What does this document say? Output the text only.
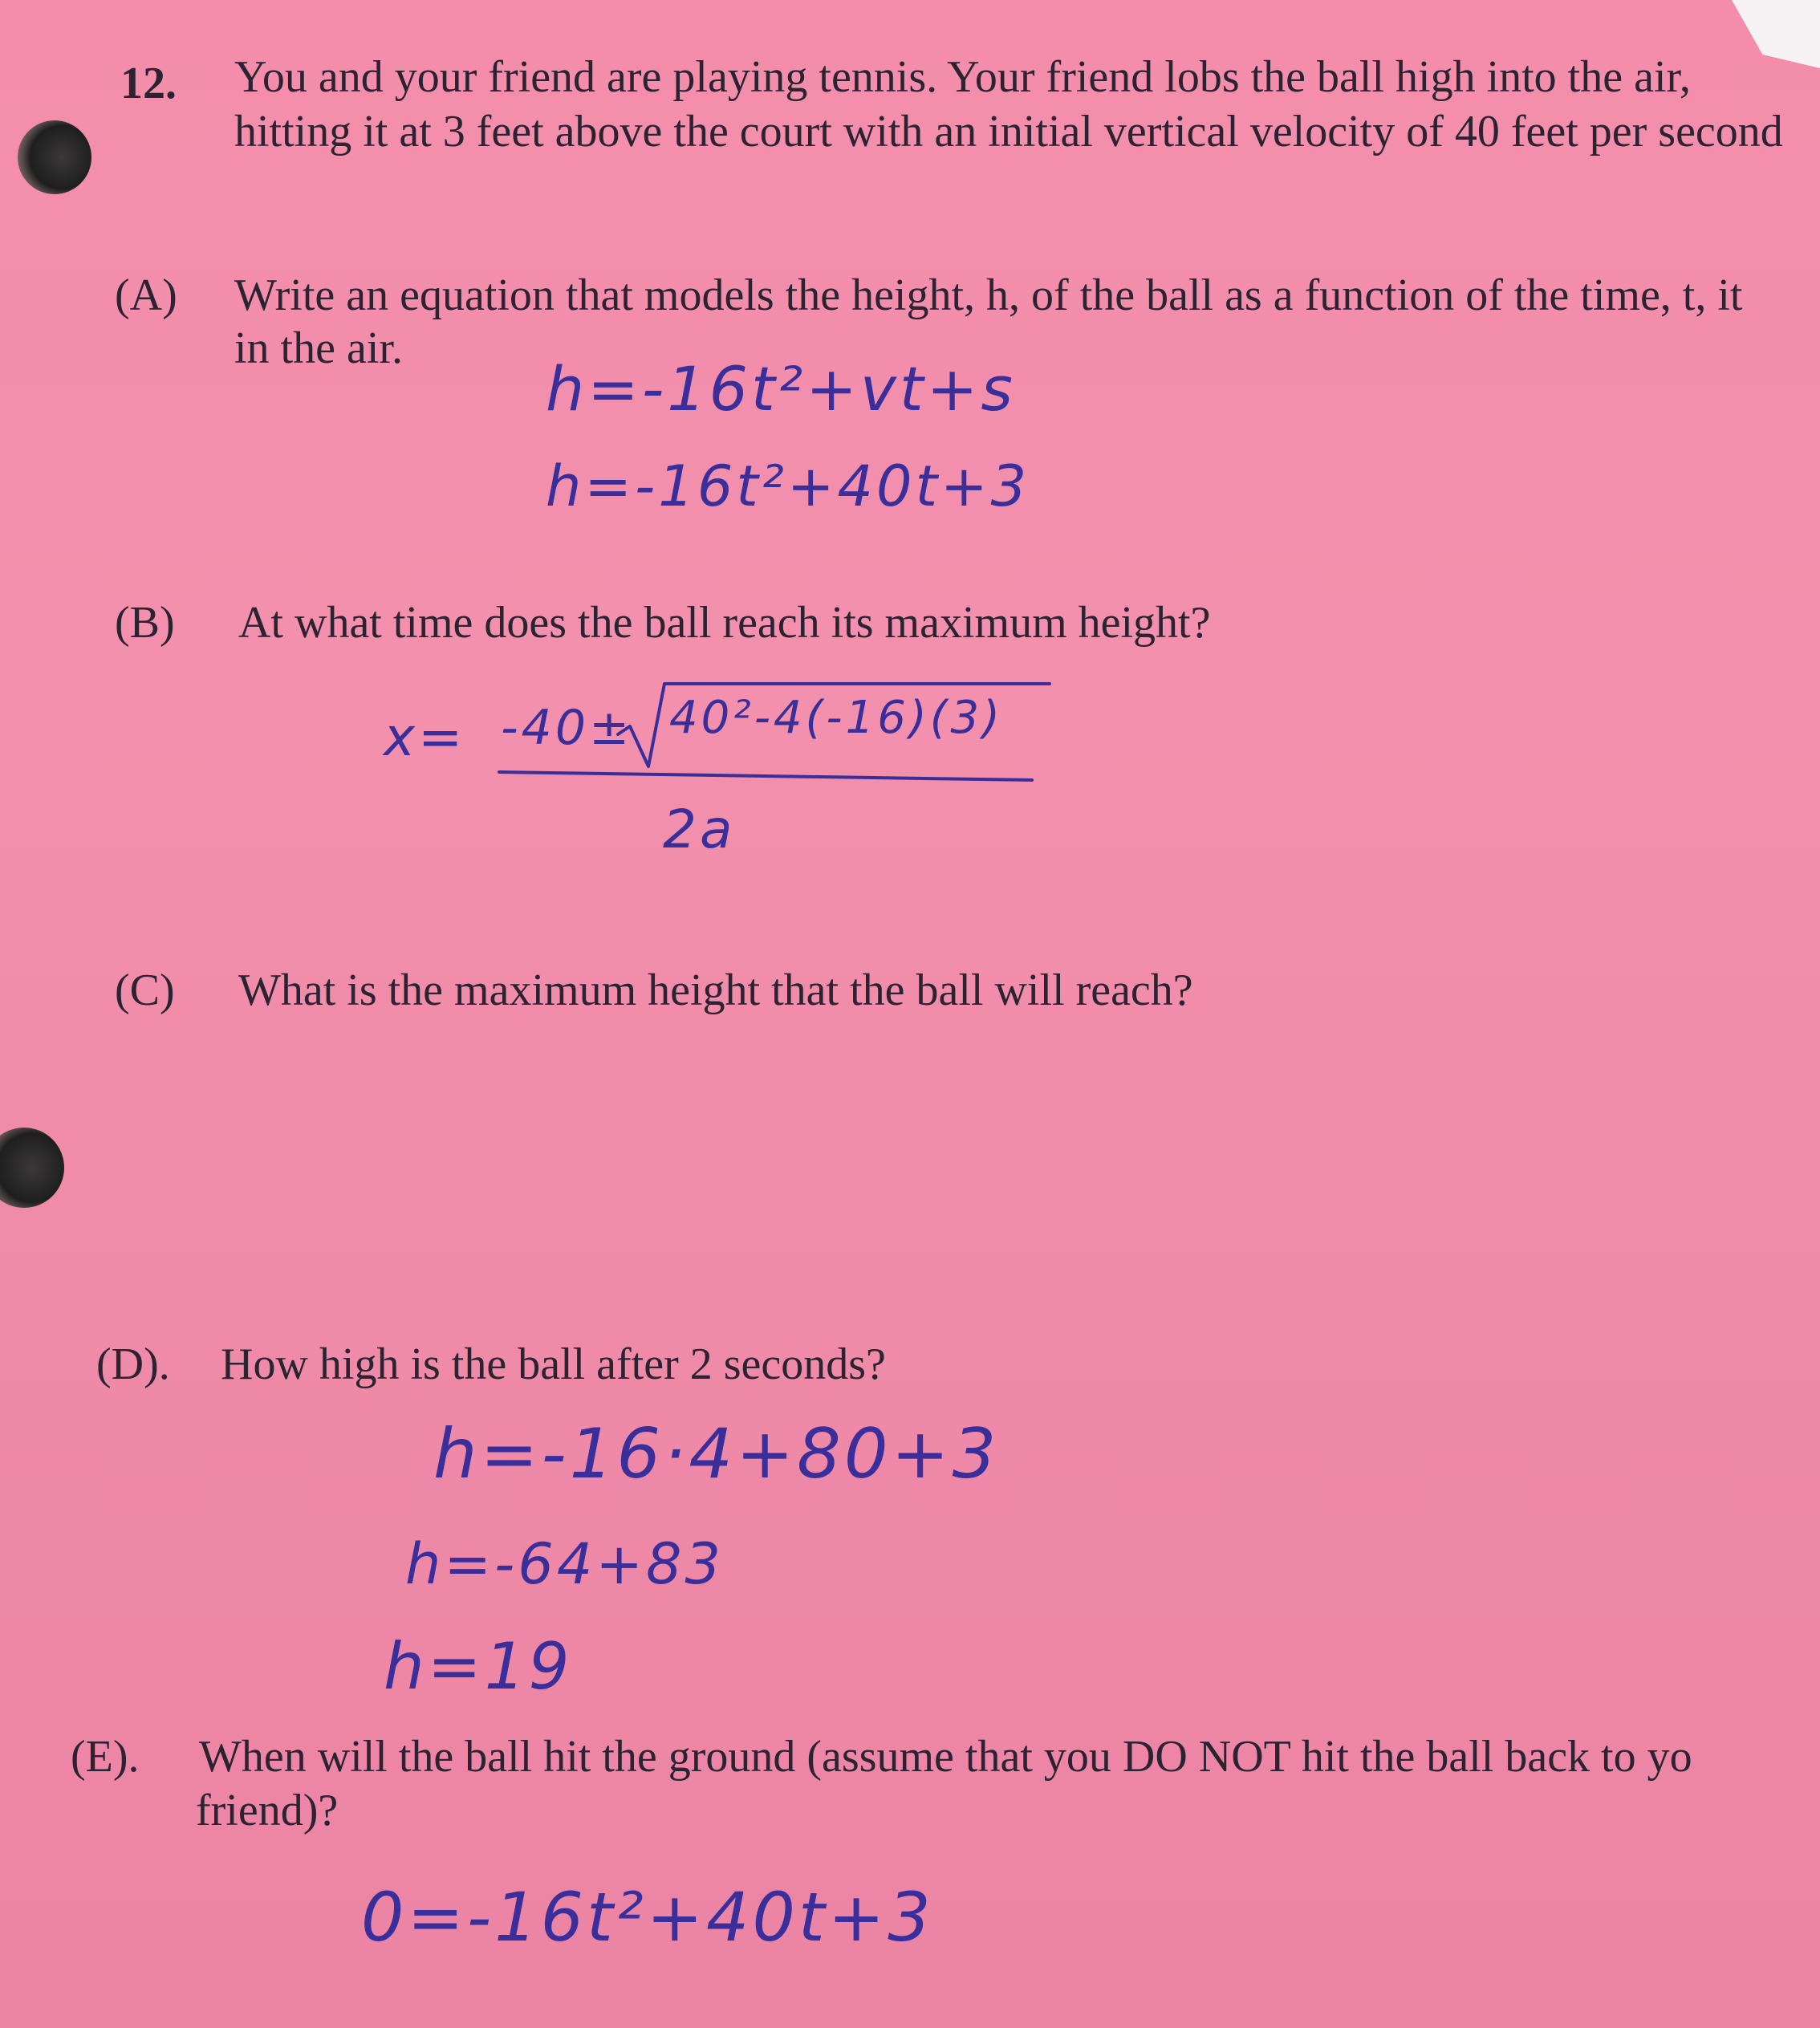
12. You and your friend are playing tennis. Your friend lobs the ball high into the air,
hitting it at 3 feet above the court with an initial vertical velocity of 40 feet per second
(A) Write an equation that models the height, h, of the ball as a function of the time, t, it
in the air.
h=-16t²+vt+s
h=-16t²+40t+3
(B) At what time does the ball reach its maximum height?
x= -40± 40²-4(-16)(3)
2a
(C) What is the maximum height that the ball will reach?
(D). How high is the ball after 2 seconds?
h=-16·4+80+3
h=-64+83
h=19
(E). When will the ball hit the ground (assume that you DO NOT hit the ball back to yo
friend)?
0=-16t²+40t+3
